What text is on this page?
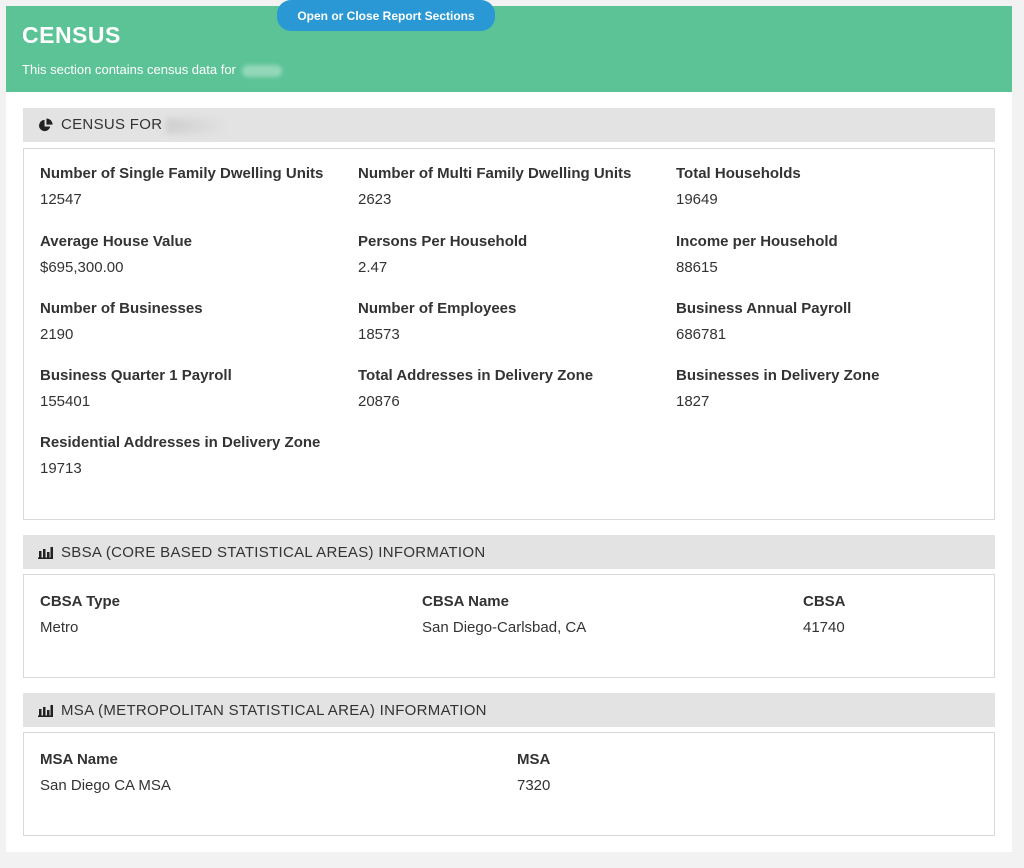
CENSUS
This section contains census data for
Open or Close Report Sections
CENSUS FOR
Number of Single Family Dwelling Units
12547
Number of Multi Family Dwelling Units
2623
Total Households
19649
Average House Value
$695,300.00
Persons Per Household
2.47
Income per Household
88615
Number of Businesses
2190
Number of Employees
18573
Business Annual Payroll
686781
Business Quarter 1 Payroll
155401
Total Addresses in Delivery Zone
20876
Businesses in Delivery Zone
1827
Residential Addresses in Delivery Zone
19713
SBSA (CORE BASED STATISTICAL AREAS) INFORMATION
CBSA Type
Metro
CBSA Name
San Diego-Carlsbad, CA
CBSA
41740
MSA (METROPOLITAN STATISTICAL AREA) INFORMATION
MSA Name
San Diego CA MSA
MSA
7320
